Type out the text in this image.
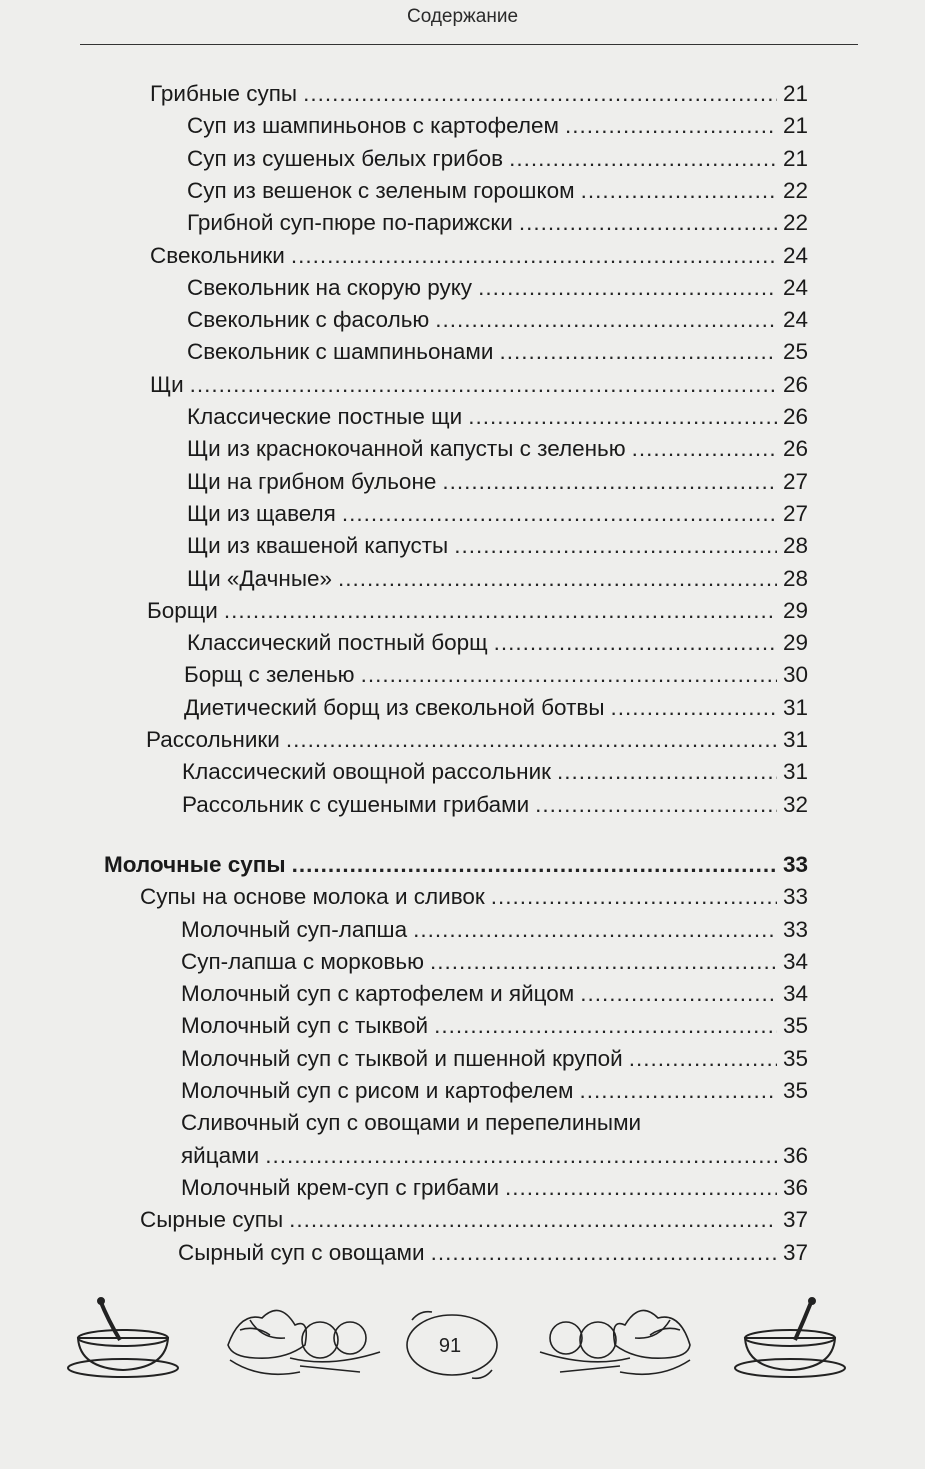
Содержание
Грибные супы .....	21
Суп из шампиньонов с картофелем .....	21
Суп из сушеных белых грибов .....	21
Суп из вешенок с зеленым горошком .....	22
Грибной суп-пюре по-парижски .....	22
Свекольники .....	24
Свекольник на скорую руку .....	24
Свекольник с фасолью .....	24
Свекольник с шампиньонами .....	25
Щи .....	26
Классические постные щи .....	26
Щи из краснокочанной капусты с зеленью .....	26
Щи на грибном бульоне .....	27
Щи из щавеля .....	27
Щи из квашеной капусты .....	28
Щи «Дачные» .....	28
Борщи .....	29
Классический постный борщ .....	29
Борщ с зеленью .....	30
Диетический борщ из свекольной ботвы .....	31
Рассольники .....	31
Классический овощной рассольник .....	31
Рассольник с сушеными грибами .....	32
Молочные супы .....	33
Супы на основе молока и сливок .....	33
Молочный суп-лапша .....	33
Суп-лапша с морковью .....	34
Молочный суп с картофелем и яйцом .....	34
Молочный суп с тыквой .....	35
Молочный суп с тыквой и пшенной крупой .....	35
Молочный суп с рисом и картофелем .....	35
Сливочный суп с овощами и перепелиными
яйцами .....	36
Молочный крем-суп с грибами .....	36
Сырные супы .....	37
Сырный суп с овощами .....	37
91
